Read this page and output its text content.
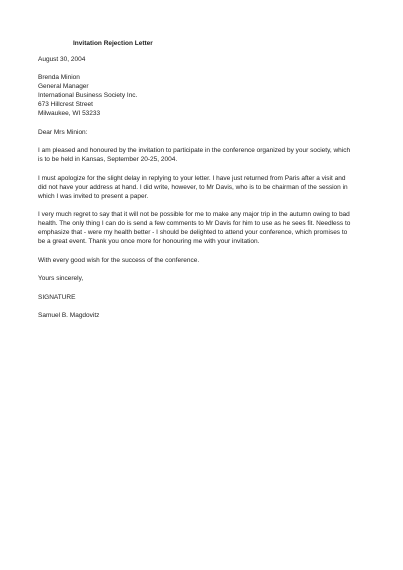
Invitation Rejection Letter
August 30, 2004
Brenda Minion
General Manager
International Business Society Inc.
673 Hillcrest Street
Milwaukee, WI 53233
Dear Mrs Minion:
I am pleased and honoured by the invitation to participate in the conference organized by your society, which
is to be held in Kansas, September 20-25, 2004.
I must apologize for the slight delay in replying to your letter. I have just returned from Paris after a visit and
did not have your address at hand. I did write, however, to Mr Davis, who is to be chairman of the session in
which I was invited to present a paper.
I very much regret to say that it will not be possible for me to make any major trip in the autumn owing to bad
health. The only thing I can do is send a few comments to Mr Davis for him to use as he sees fit. Needless to
emphasize that - were my health better - I should be delighted to attend your conference, which promises to
be a great event. Thank you once more for honouring me with your invitation.
With every good wish for the success of the conference.
Yours sincerely,
SIGNATURE
Samuel B. Magdovitz
